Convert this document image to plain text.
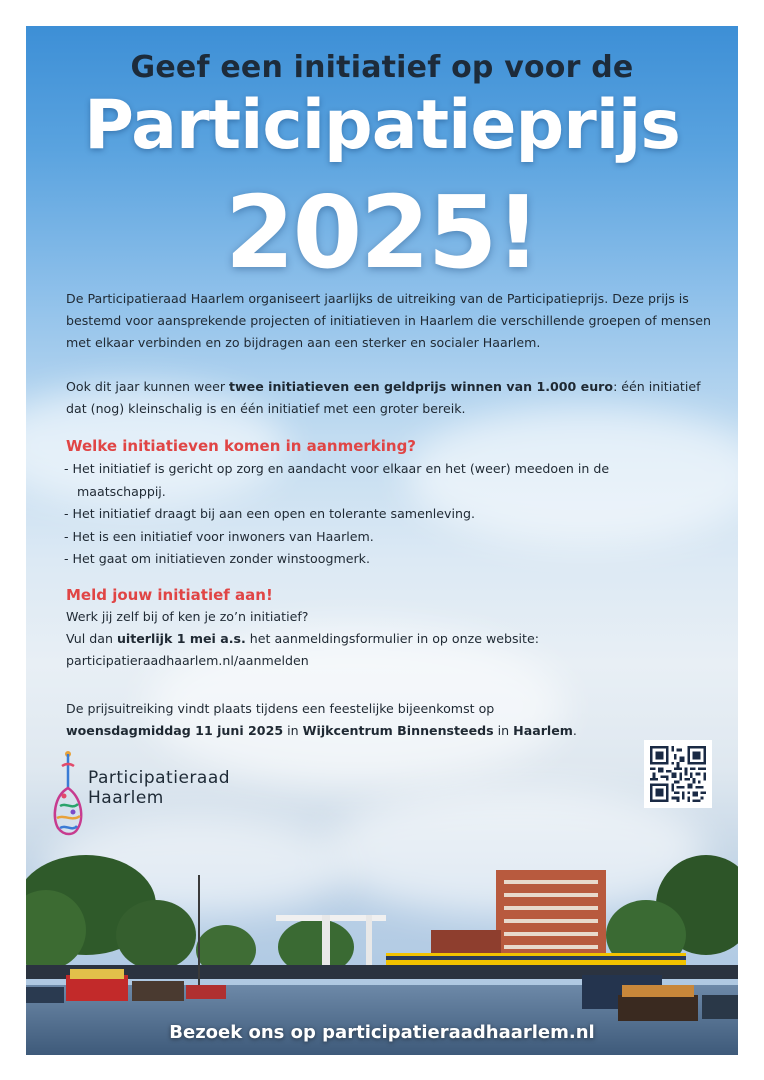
Geef een initiatief op voor de
Participatieprijs
2025!

De Participatieraad Haarlem organiseert jaarlijks de uitreiking van de Participatieprijs. Deze prijs is bestemd voor aansprekende projecten of initiatieven in Haarlem die verschillende groepen of mensen met elkaar verbinden en zo bijdragen aan een sterker en socialer Haarlem.

Ook dit jaar kunnen weer twee initiatieven een geldprijs winnen van 1.000 euro: één initiatief dat (nog) kleinschalig is en één initiatief met een groter bereik.

Welke initiatieven komen in aanmerking?
- Het initiatief is gericht op zorg en aandacht voor elkaar en het (weer) meedoen in de maatschappij.
- Het initiatief draagt bij aan een open en tolerante samenleving.
- Het is een initiatief voor inwoners van Haarlem.
- Het gaat om initiatieven zonder winstoogmerk.
Meld jouw initiatief aan!
Werk jij zelf bij of ken je zo’n initiatief?
Vul dan uiterlijk 1 mei a.s. het aanmeldingsformulier in op onze website:
participatieraadhaarlem.nl/aanmelden
De prijsuitreiking vindt plaats tijdens een feestelijke bijeenkomst op
woensdagmiddag 11 juni 2025 in Wijkcentrum Binnensteeds in Haarlem.
Participatieraad
Haarlem
Bezoek ons op participatieraadhaarlem.nl
